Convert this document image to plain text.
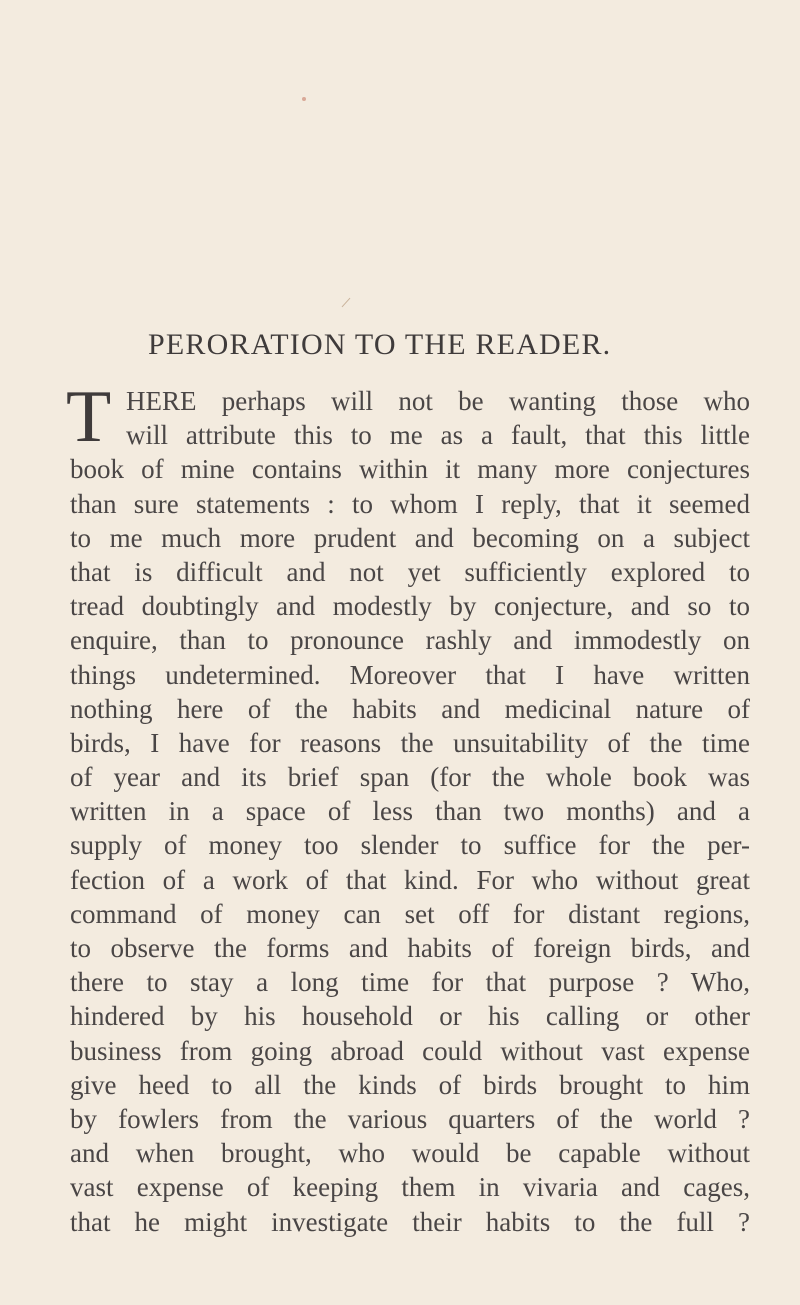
PERORATION TO THE READER.
T HERE perhaps will not be wanting those who
will attribute this to me as a fault, that this little
book of mine contains within it many more conjectures
than sure statements : to whom I reply, that it seemed
to me much more prudent and becoming on a subject
that is difficult and not yet sufficiently explored to
tread doubtingly and modestly by conjecture, and so to
enquire, than to pronounce rashly and immodestly on
things undetermined. Moreover that I have written
nothing here of the habits and medicinal nature of
birds, I have for reasons the unsuitability of the time
of year and its brief span (for the whole book was
written in a space of less than two months) and a
supply of money too slender to suffice for the per-
fection of a work of that kind. For who without great
command of money can set off for distant regions,
to observe the forms and habits of foreign birds, and
there to stay a long time for that purpose ? Who,
hindered by his household or his calling or other
business from going abroad could without vast expense
give heed to all the kinds of birds brought to him
by fowlers from the various quarters of the world ?
and when brought, who would be capable without
vast expense of keeping them in vivaria and cages,
that he might investigate their habits to the full ?
